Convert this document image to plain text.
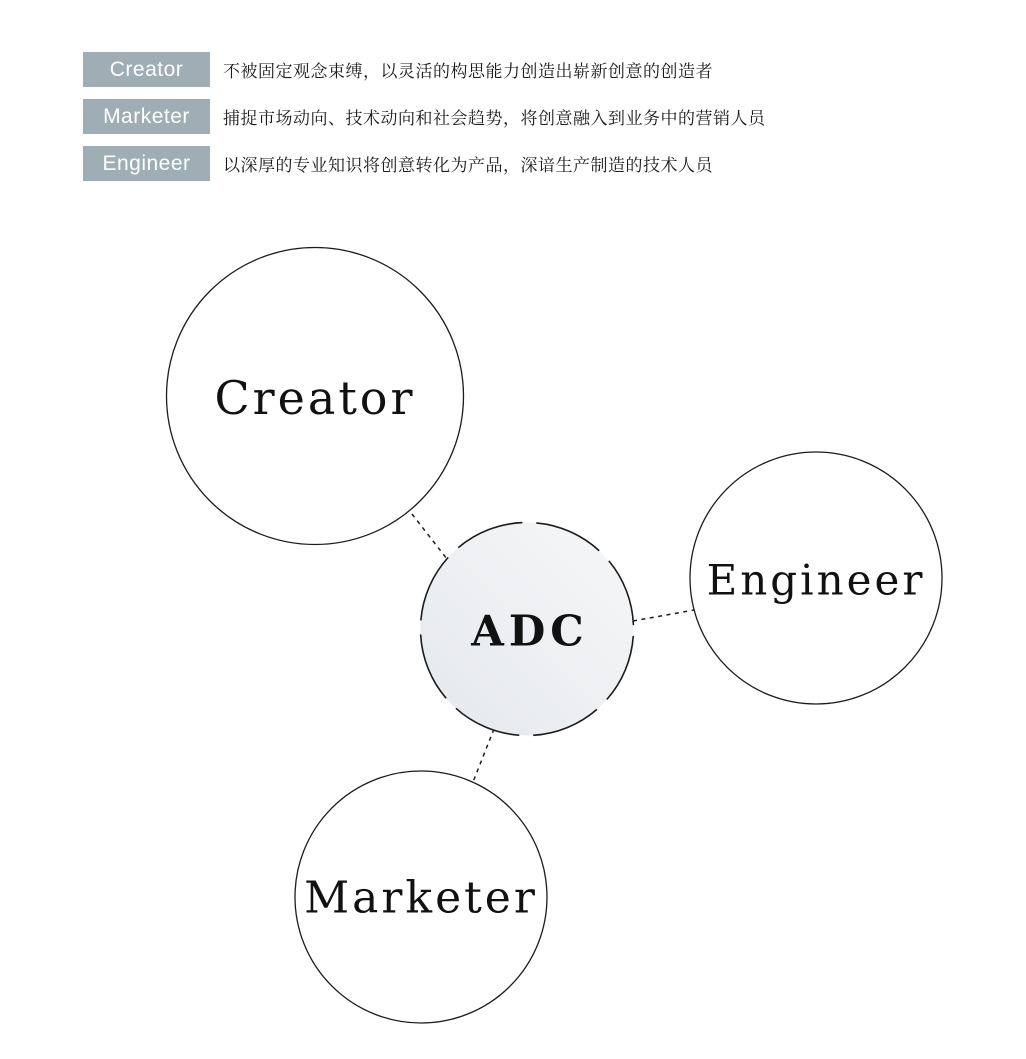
Creator 不被固定观念束缚，以灵活的构思能力创造出崭新创意的创造者
Marketer 捕捉市场动向、技术动向和社会趋势，将创意融入到业务中的营销人员
Engineer 以深厚的专业知识将创意转化为产品，深谙生产制造的技术人员
Creator
Engineer
Marketer
ADC
